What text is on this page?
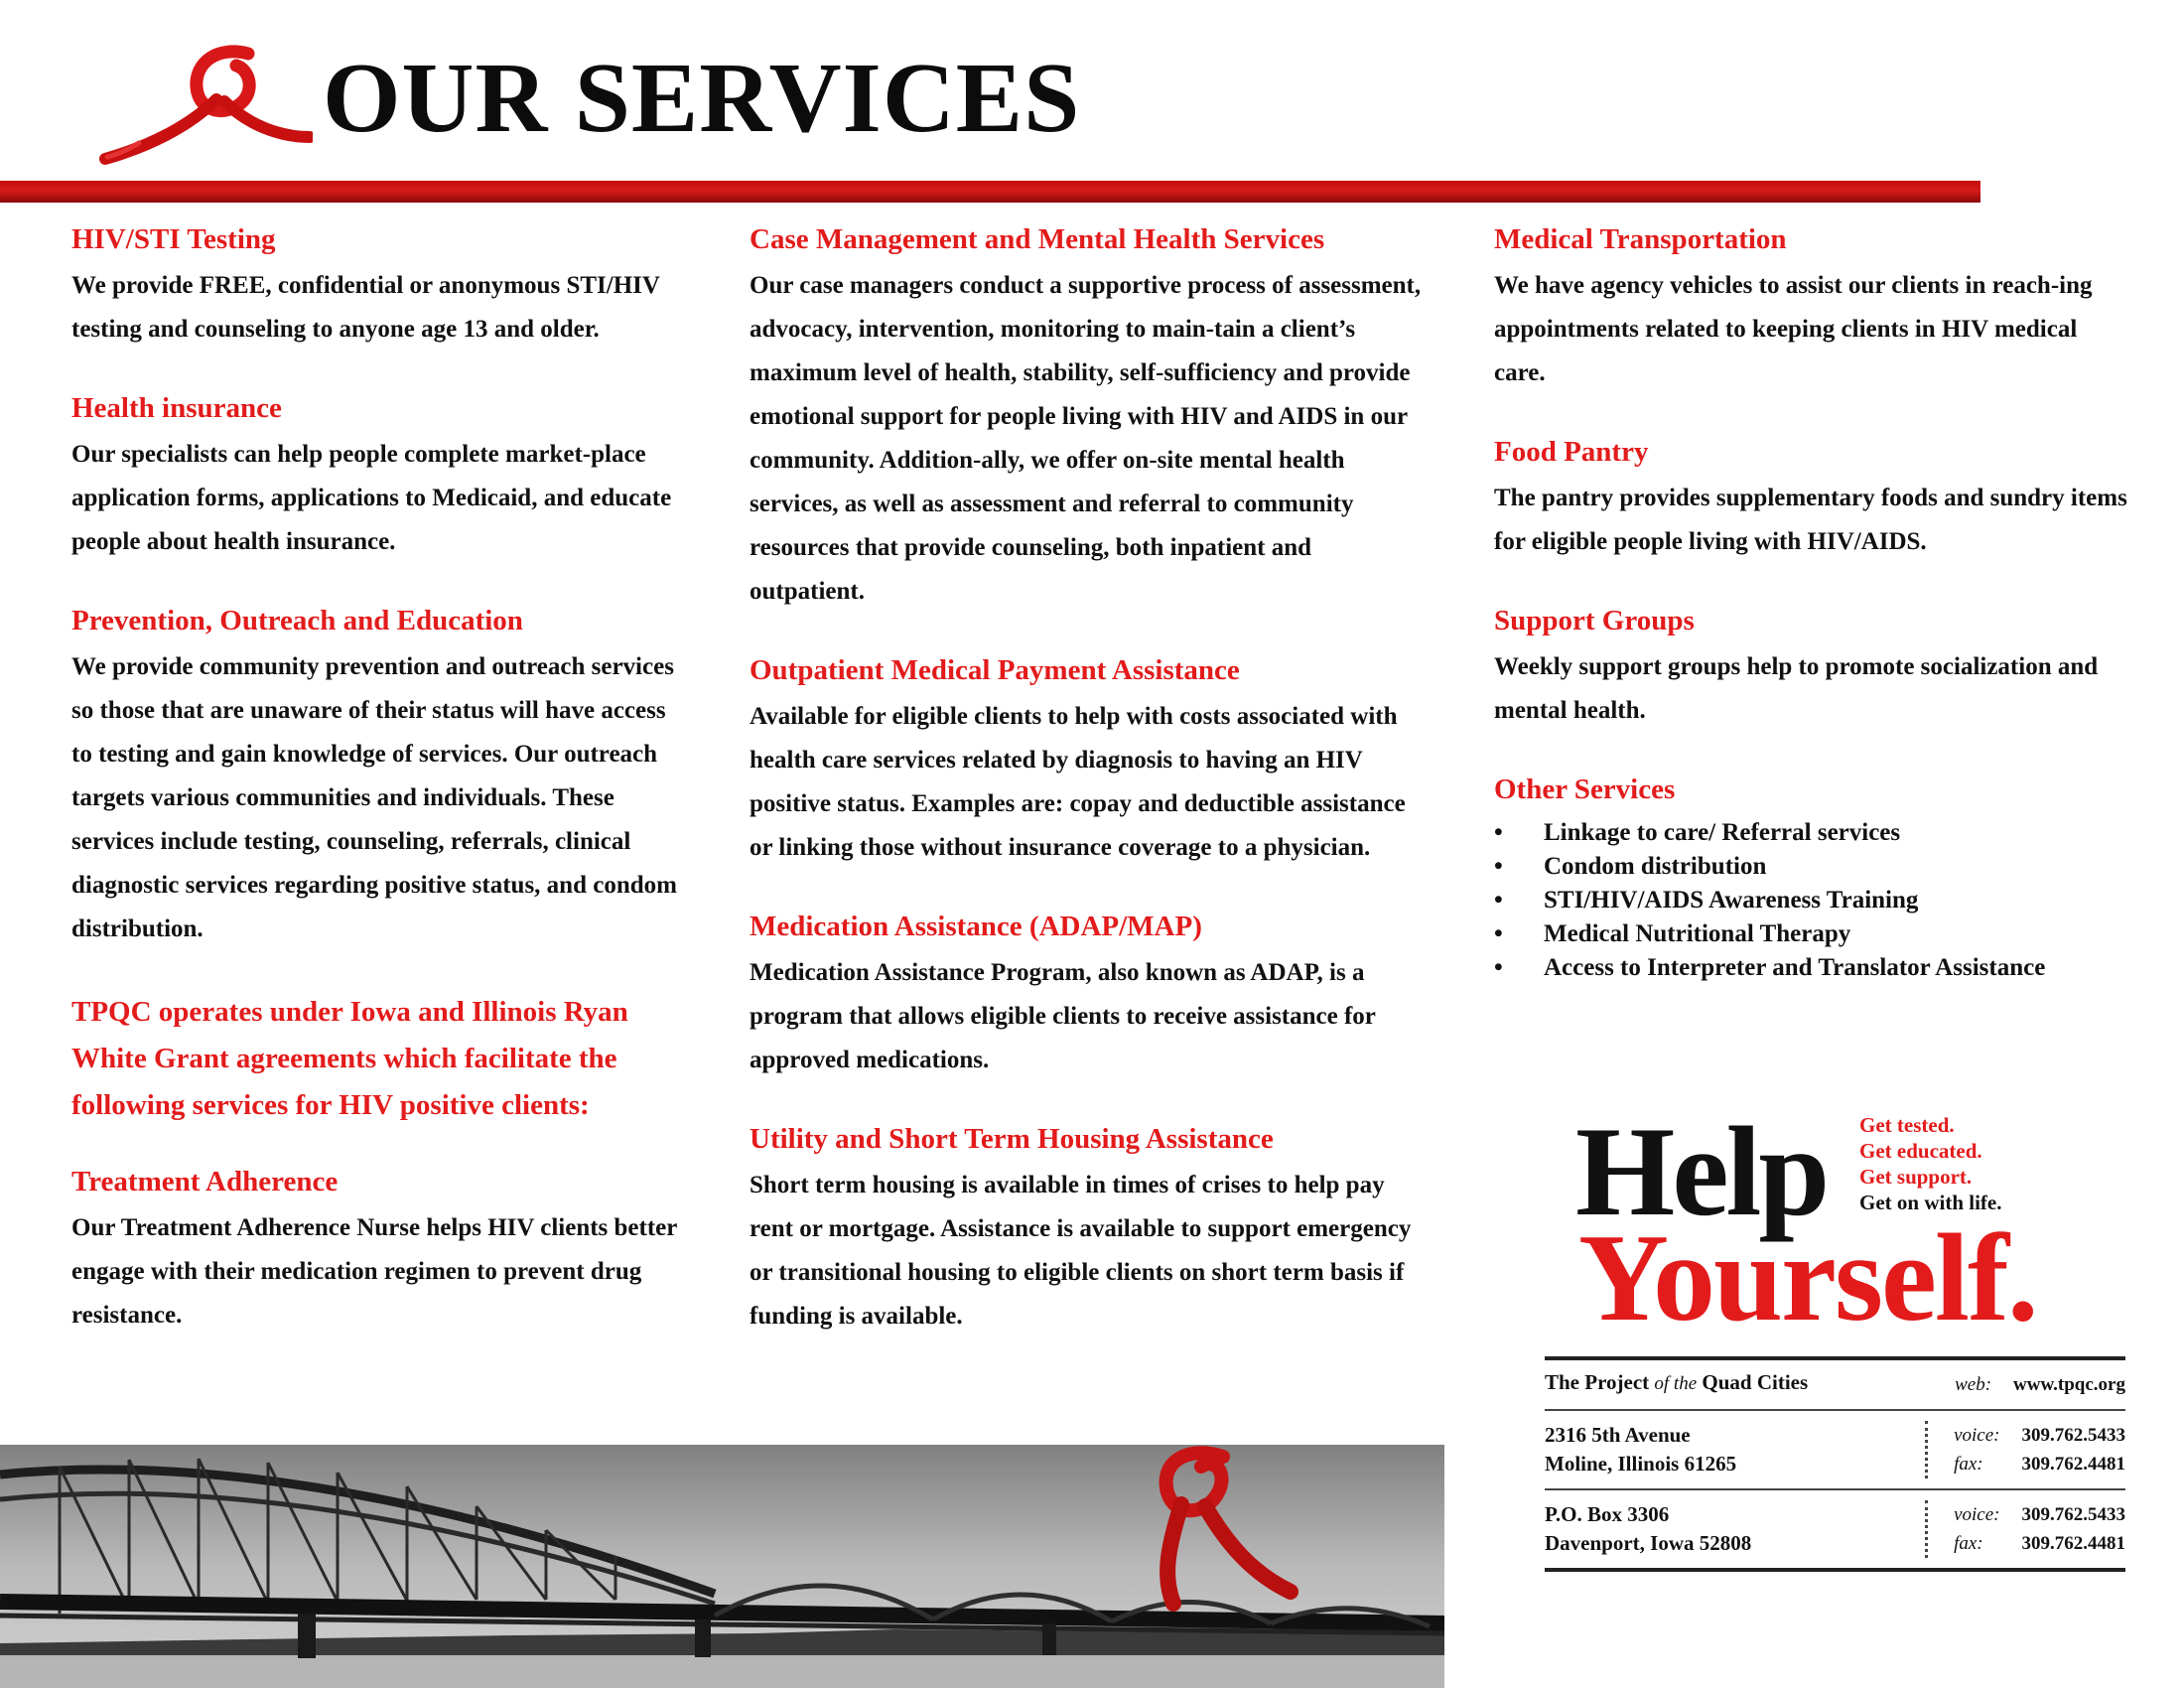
OUR SERVICES
HIV/STI Testing

We provide FREE, confidential or anonymous STI/HIV testing and counseling to anyone age 13 and older.

Health insurance

Our specialists can help people complete market-place application forms, applications to Medicaid, and educate people about health insurance.

Prevention, Outreach and Education

We provide community prevention and outreach services so those that are unaware of their status will have access to testing and gain knowledge of services. Our outreach targets various communities and individuals. These services include testing, counseling, referrals, clinical diagnostic services regarding positive status, and condom distribution.

TPQC operates under Iowa and Illinois Ryan White Grant agreements which facilitate the following services for HIV positive clients:
Treatment Adherence

Our Treatment Adherence Nurse helps HIV clients better engage with their medication regimen to prevent drug resistance.

Case Management and Mental Health Services

Our case managers conduct a supportive process of assessment, advocacy, intervention, monitoring to main-tain a client’s maximum level of health, stability, self-sufficiency and provide emotional support for people living with HIV and AIDS in our community. Addition-ally, we offer on-site mental health services, as well as assessment and referral to community resources that provide counseling, both inpatient and outpatient.

Outpatient Medical Payment Assistance

Available for eligible clients to help with costs associated with health care services related by diagnosis to having an HIV positive status. Examples are: copay and deductible assistance or linking those without insurance coverage to a physician.

Medication Assistance (ADAP/MAP)

Medication Assistance Program, also known as ADAP, is a program that allows eligible clients to receive assistance for approved medications.

Utility and Short Term Housing Assistance

Short term housing is available in times of crises to help pay rent or mortgage. Assistance is available to support emergency or transitional housing to eligible clients on short term basis if funding is available.

Medical Transportation

We have agency vehicles to assist our clients in reach-ing appointments related to keeping clients in HIV medical care.

Food Pantry

The pantry provides supplementary foods and sundry items for eligible people living with HIV/AIDS.

Support Groups

Weekly support groups help to promote socialization and mental health.

Other Services
• Linkage to care/ Referral services
• Condom distribution
• STI/HIV/AIDS Awareness Training
• Medical Nutritional Therapy
• Access to Interpreter and Translator Assistance
Help
Yourself.
Get tested.
Get educated.
Get support.
Get on with life.
The Project of the Quad Cities	web: www.tpqc.org
2316 5th Avenue
Moline, Illinois 61265
voice:
fax:
309.762.5433
309.762.4481
P.O. Box 3306
Davenport, Iowa 52808
voice:
fax:
309.762.5433
309.762.4481
